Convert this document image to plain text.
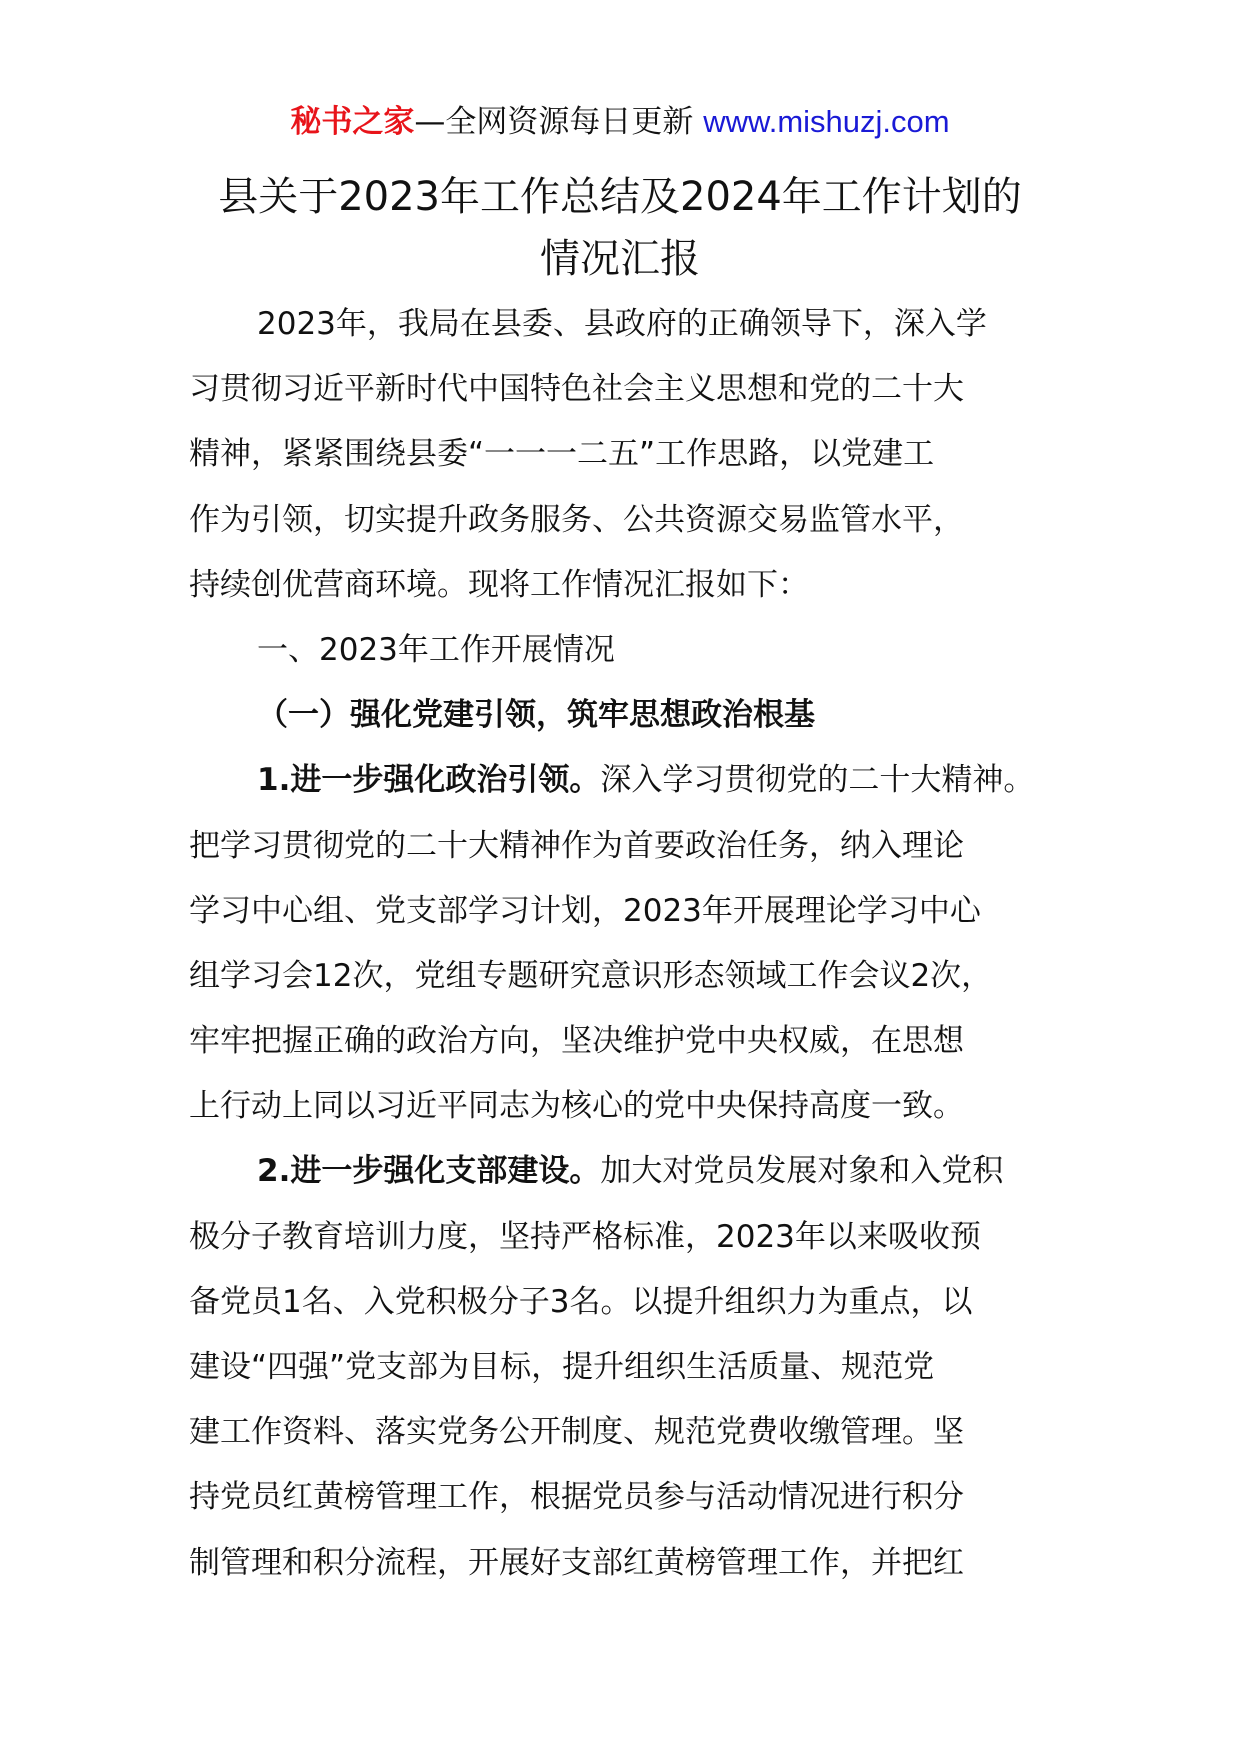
秘书之家—全网资源每日更新 www.mishuzj.com
县关于2023年工作总结及2024年工作计划的
情况汇报
2023年，我局在县委、县政府的正确领导下，深入学
习贯彻习近平新时代中国特色社会主义思想和党的二十大
精神，紧紧围绕县委“一一一二五”工作思路，以党建工
作为引领，切实提升政务服务、公共资源交易监管水平，
持续创优营商环境。现将工作情况汇报如下：
一、2023年工作开展情况
（一）强化党建引领，筑牢思想政治根基
1.进一步强化政治引领。深入学习贯彻党的二十大精神。
把学习贯彻党的二十大精神作为首要政治任务，纳入理论
学习中心组、党支部学习计划，2023年开展理论学习中心
组学习会12次，党组专题研究意识形态领域工作会议2次，
牢牢把握正确的政治方向，坚决维护党中央权威，在思想
上行动上同以习近平同志为核心的党中央保持高度一致。
2.进一步强化支部建设。加大对党员发展对象和入党积
极分子教育培训力度，坚持严格标准，2023年以来吸收预
备党员1名、入党积极分子3名。以提升组织力为重点，以
建设“四强”党支部为目标，提升组织生活质量、规范党
建工作资料、落实党务公开制度、规范党费收缴管理。坚
持党员红黄榜管理工作，根据党员参与活动情况进行积分
制管理和积分流程，开展好支部红黄榜管理工作，并把红
